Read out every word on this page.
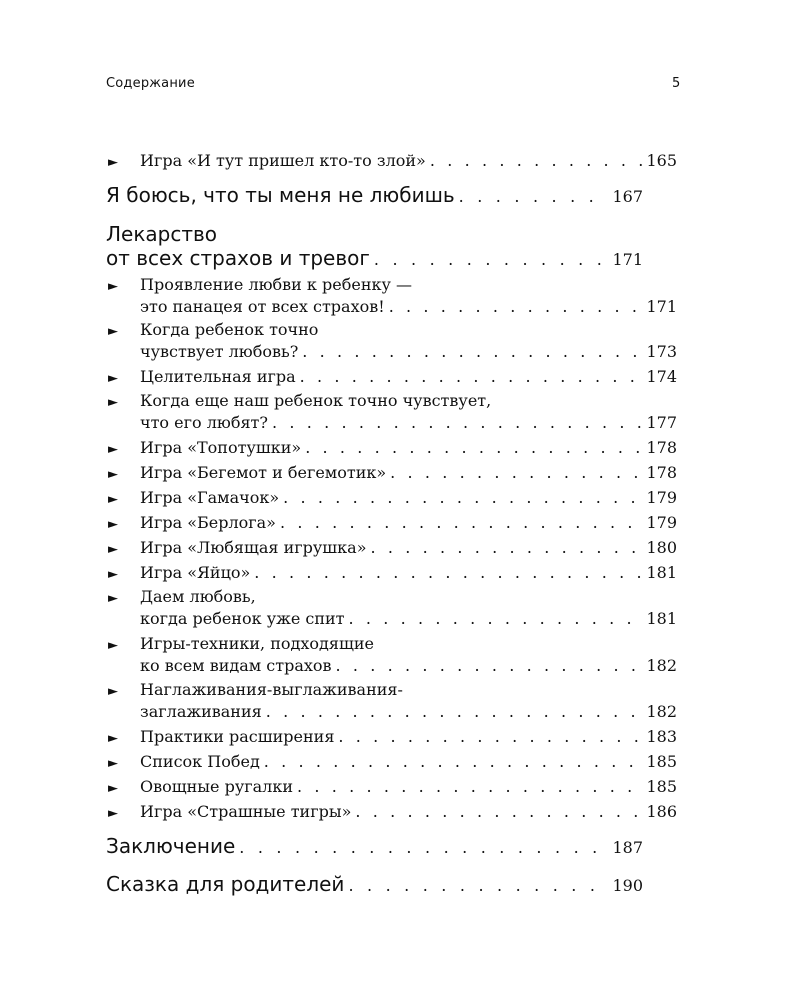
Содержание	5
► Игра «И тут пришел кто-то злой» . . .	165
Я боюсь, что ты меня не любишь . . .	167
Лекарство
от всех страхов и тревог . . .	171
► Проявление любви к ребенку —
это панацея от всех страхов! . . .	171
► Когда ребенок точно
чувствует любовь? . . .	173
► Целительная игра . . .	174
► Когда еще наш ребенок точно чувствует,
что его любят? . . .	177
► Игра «Топотушки» . . .	178
► Игра «Бегемот и бегемотик» . . .	178
► Игра «Гамачок» . . .	179
► Игра «Берлога» . . .	179
► Игра «Любящая игрушка» . . .	180
► Игра «Яйцо» . . .	181
► Даем любовь,
когда ребенок уже спит . . .	181
► Игры-техники, подходящие
ко всем видам страхов . . .	182
► Наглаживания-выглаживания-
заглаживания . . .	182
► Практики расширения . . .	183
► Список Побед . . .	185
► Овощные ругалки . . .	185
► Игра «Страшные тигры» . . .	186
Заключение . . .	187
Сказка для родителей . . .	190
